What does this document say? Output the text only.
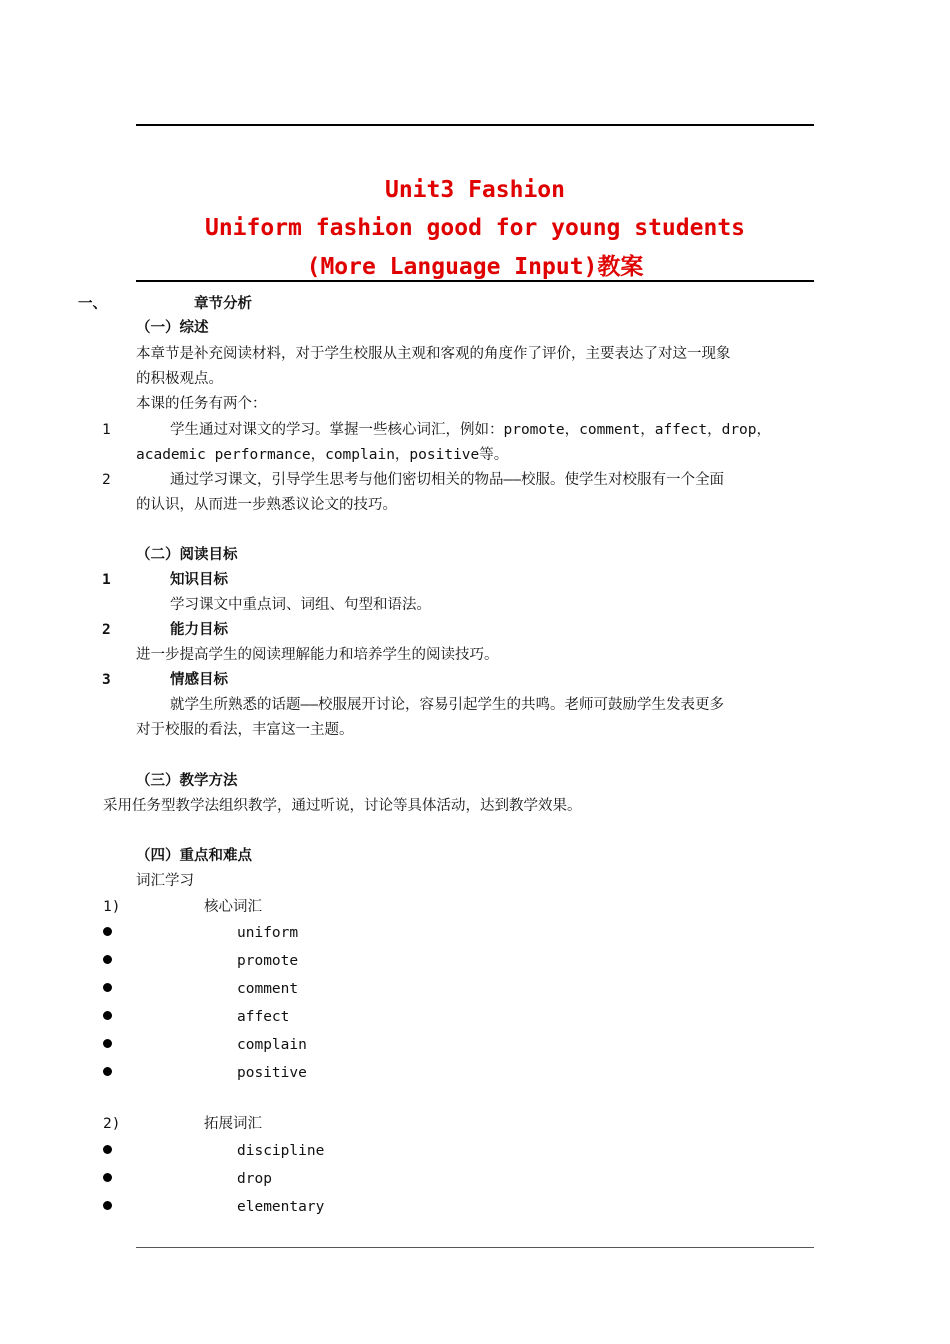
Unit3 Fashion
Uniform fashion good for young students
(More Language Input)教案
一、	章节分析
（一）综述
本章节是补充阅读材料，对于学生校服从主观和客观的角度作了评价，主要表达了对这一现象
的积极观点。
本课的任务有两个：
1	学生通过对课文的学习。掌握一些核心词汇，例如：promote，comment，affect，drop，
academic performance，complain，positive等。
2	通过学习课文，引导学生思考与他们密切相关的物品——校服。使学生对校服有一个全面
的认识，从而进一步熟悉议论文的技巧。
（二）阅读目标
1	知识目标
学习课文中重点词、词组、句型和语法。
2	能力目标
进一步提高学生的阅读理解能力和培养学生的阅读技巧。
3	情感目标
就学生所熟悉的话题——校服展开讨论，容易引起学生的共鸣。老师可鼓励学生发表更多
对于校服的看法，丰富这一主题。
（三）教学方法
采用任务型教学法组织教学，通过听说，讨论等具体活动，达到教学效果。
（四）重点和难点
词汇学习
1)	核心词汇
uniform
promote
comment
affect
complain
positive
2)	拓展词汇
discipline
drop
elementary
